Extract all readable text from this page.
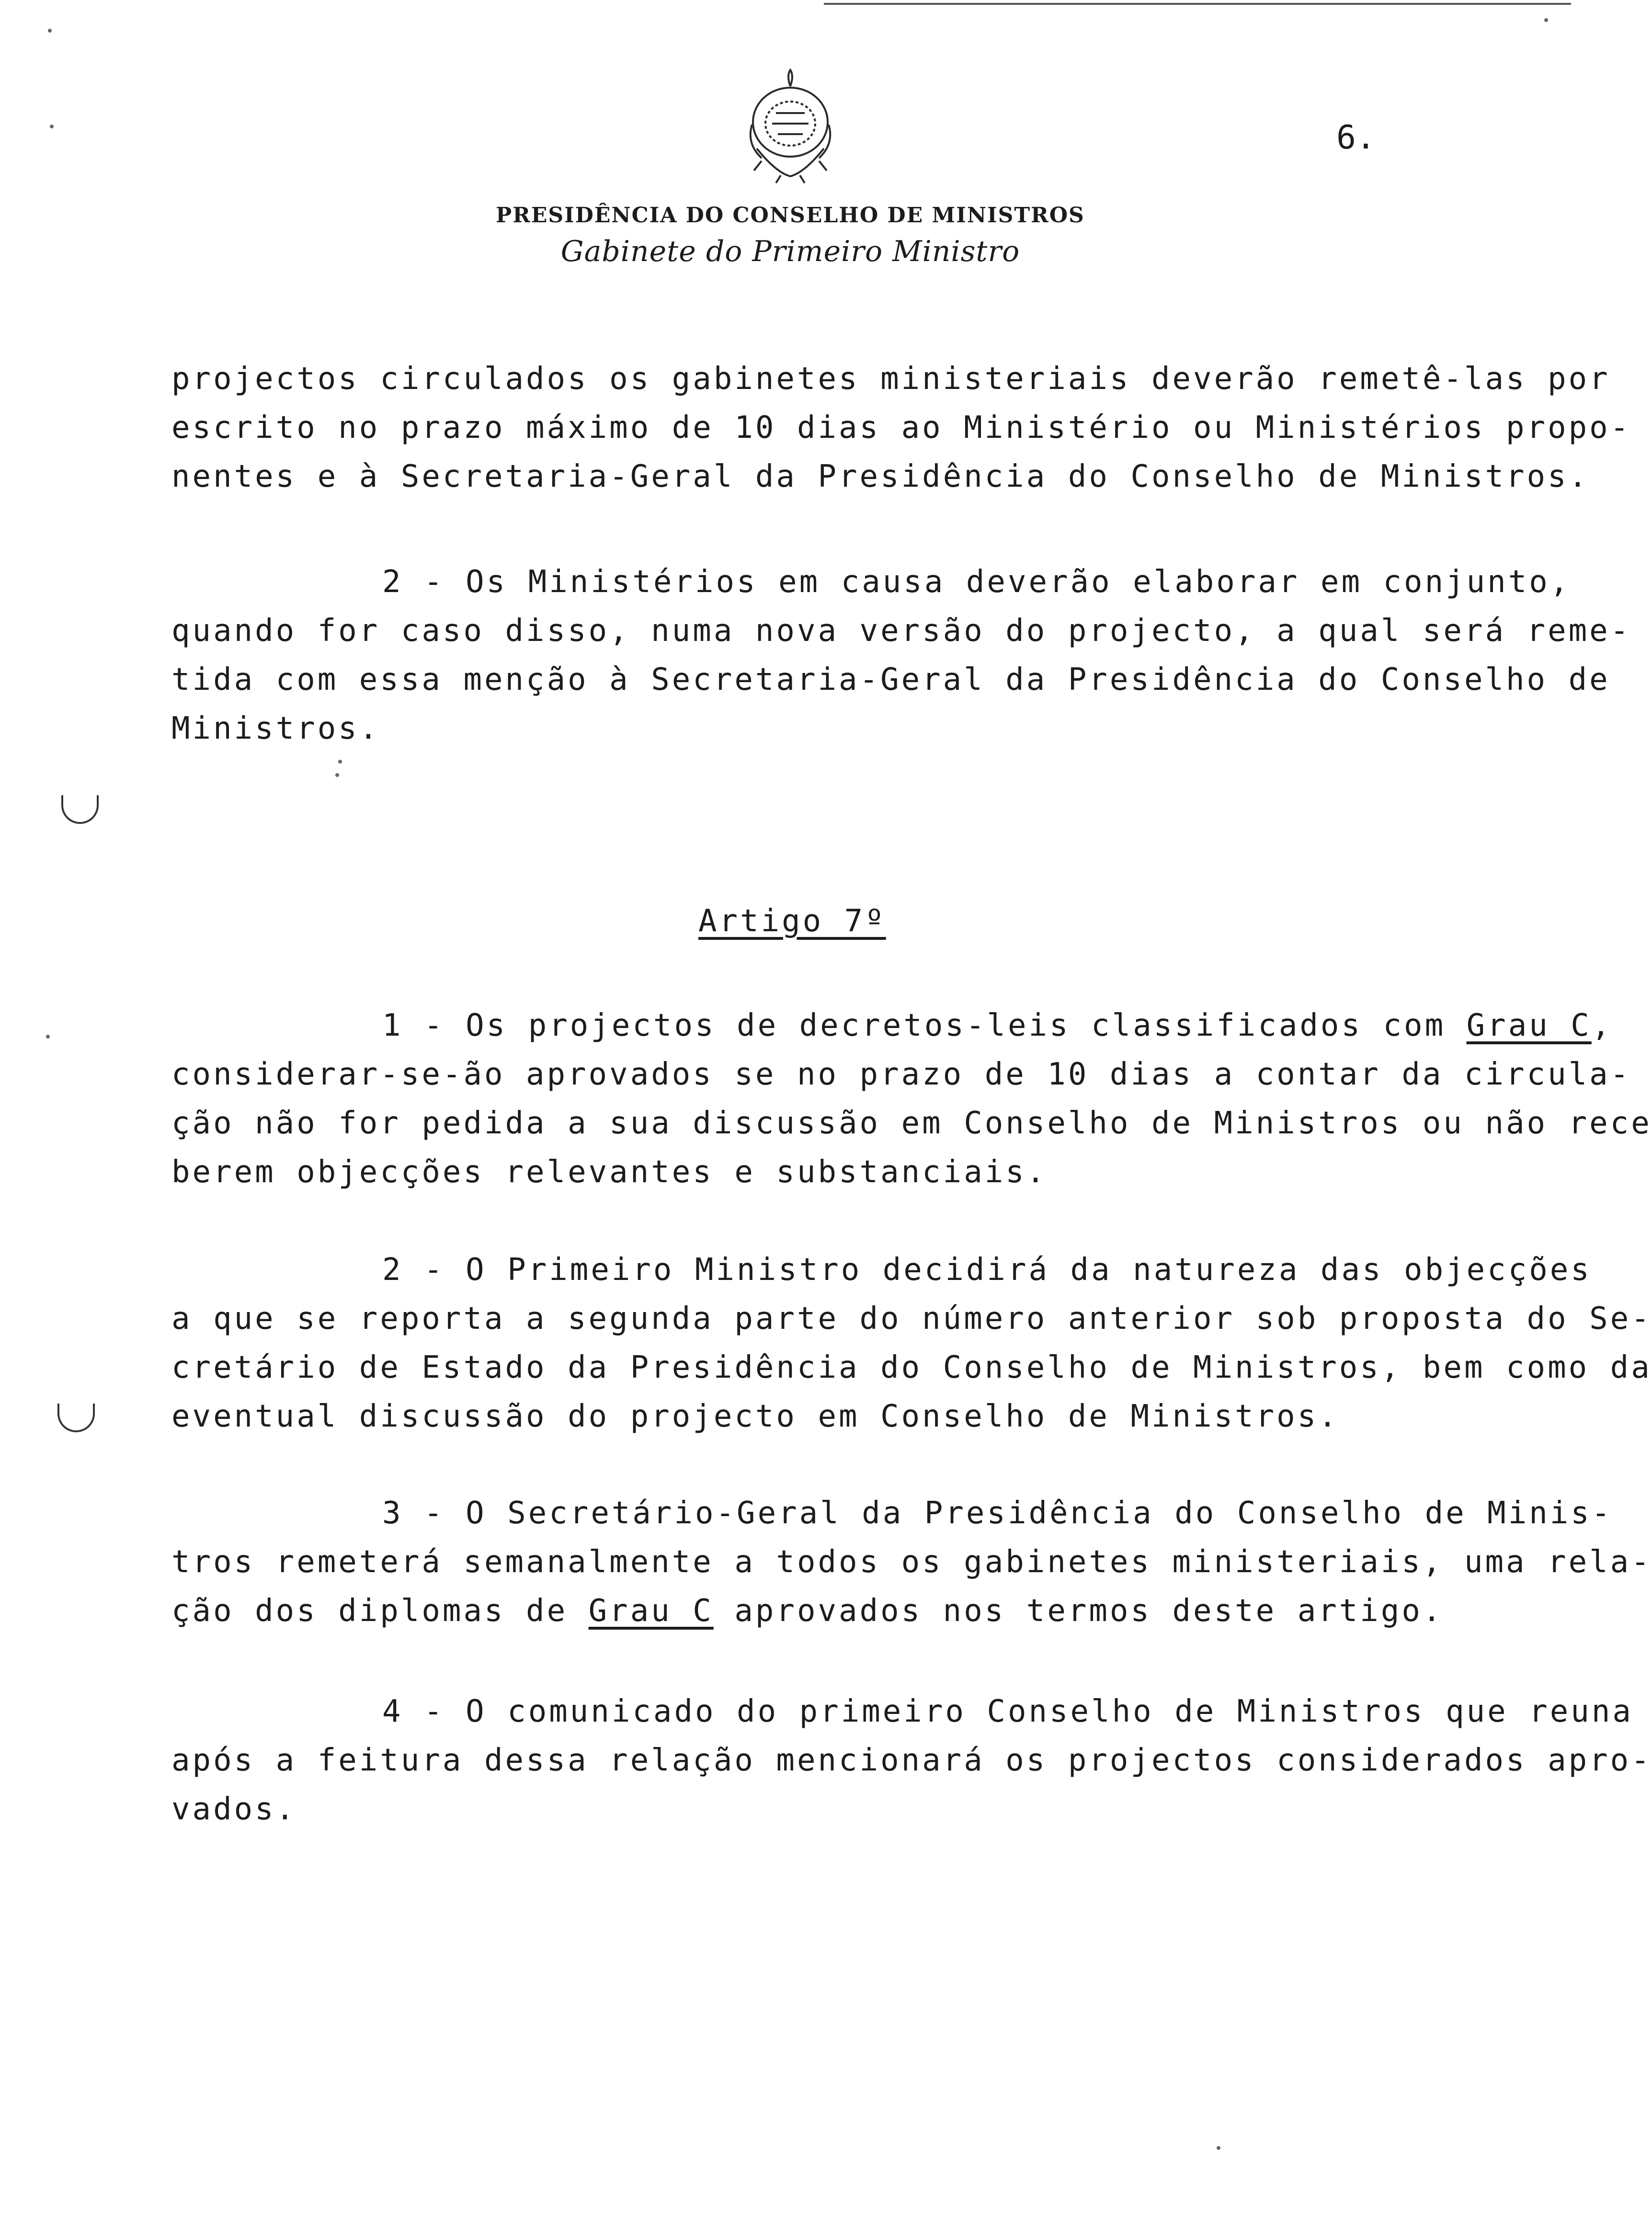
6.
PRESIDÊNCIA DO CONSELHO DE MINISTROS
Gabinete do Primeiro Ministro

projectos circulados os gabinetes ministeriais deverão remetê-las por
escrito no prazo máximo de 10 dias ao Ministério ou Ministérios propo-
nentes e à Secretaria-Geral da Presidência do Conselho de Ministros.

2 - Os Ministérios em causa deverão elaborar em conjunto,
quando for caso disso, numa nova versão do projecto, a qual será reme-
tida com essa menção à Secretaria-Geral da Presidência do Conselho de
Ministros.

Artigo 7º

1 - Os projectos de decretos-leis classificados com Grau C,
considerar-se-ão aprovados se no prazo de 10 dias a contar da circula-
ção não for pedida a sua discussão em Conselho de Ministros ou não rece
berem objecções relevantes e substanciais.

2 - O Primeiro Ministro decidirá da natureza das objecções
a que se reporta a segunda parte do número anterior sob proposta do Se-
cretário de Estado da Presidência do Conselho de Ministros, bem como da
eventual discussão do projecto em Conselho de Ministros.

3 - O Secretário-Geral da Presidência do Conselho de Minis-
tros remeterá semanalmente a todos os gabinetes ministeriais, uma rela-
ção dos diplomas de Grau C aprovados nos termos deste artigo.

4 - O comunicado do primeiro Conselho de Ministros que reuna
após a feitura dessa relação mencionará os projectos considerados apro-
vados.
